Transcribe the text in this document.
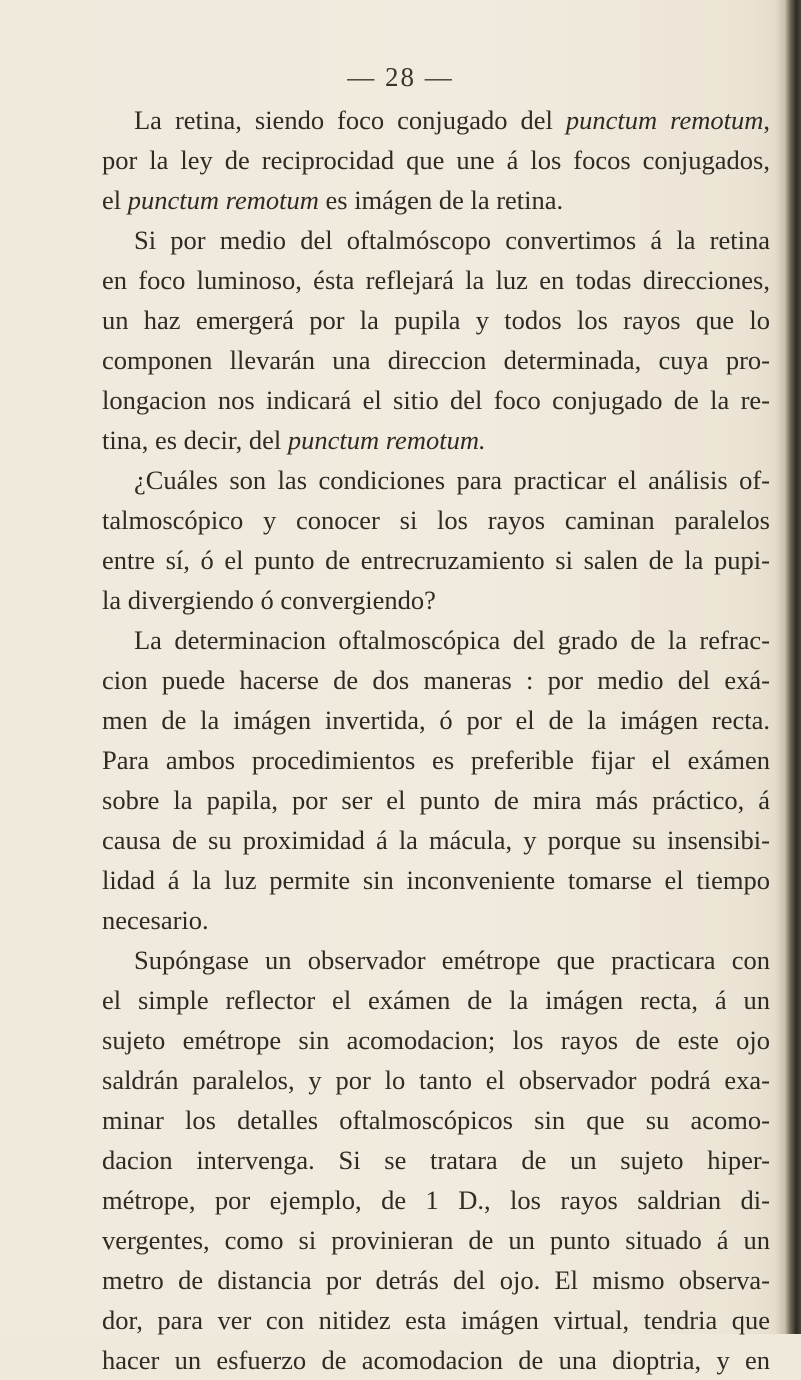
— 28 —
La retina, siendo foco conjugado del punctum remotum,
por la ley de reciprocidad que une á los focos conjugados,
el punctum remotum es imágen de la retina.
Si por medio del oftalmóscopo convertimos á la retina
en foco luminoso, ésta reflejará la luz en todas direcciones,
un haz emergerá por la pupila y todos los rayos que lo
componen llevarán una direccion determinada, cuya pro-
longacion nos indicará el sitio del foco conjugado de la re-
tina, es decir, del punctum remotum.
¿Cuáles son las condiciones para practicar el análisis of-
talmoscópico y conocer si los rayos caminan paralelos
entre sí, ó el punto de entrecruzamiento si salen de la pupi-
la divergiendo ó convergiendo?
La determinacion oftalmoscópica del grado de la refrac-
cion puede hacerse de dos maneras : por medio del exá-
men de la imágen invertida, ó por el de la imágen recta.
Para ambos procedimientos es preferible fijar el exámen
sobre la papila, por ser el punto de mira más práctico, á
causa de su proximidad á la mácula, y porque su insensibi-
lidad á la luz permite sin inconveniente tomarse el tiempo
necesario.
Supóngase un observador emétrope que practicara con
el simple reflector el exámen de la imágen recta, á un
sujeto emétrope sin acomodacion; los rayos de este ojo
saldrán paralelos, y por lo tanto el observador podrá exa-
minar los detalles oftalmoscópicos sin que su acomo-
dacion intervenga. Si se tratara de un sujeto hiper-
métrope, por ejemplo, de 1 D., los rayos saldrian di-
vergentes, como si provinieran de un punto situado á un
metro de distancia por detrás del ojo. El mismo observa-
dor, para ver con nitidez esta imágen virtual, tendria que
hacer un esfuerzo de acomodacion de una dioptria, y en
